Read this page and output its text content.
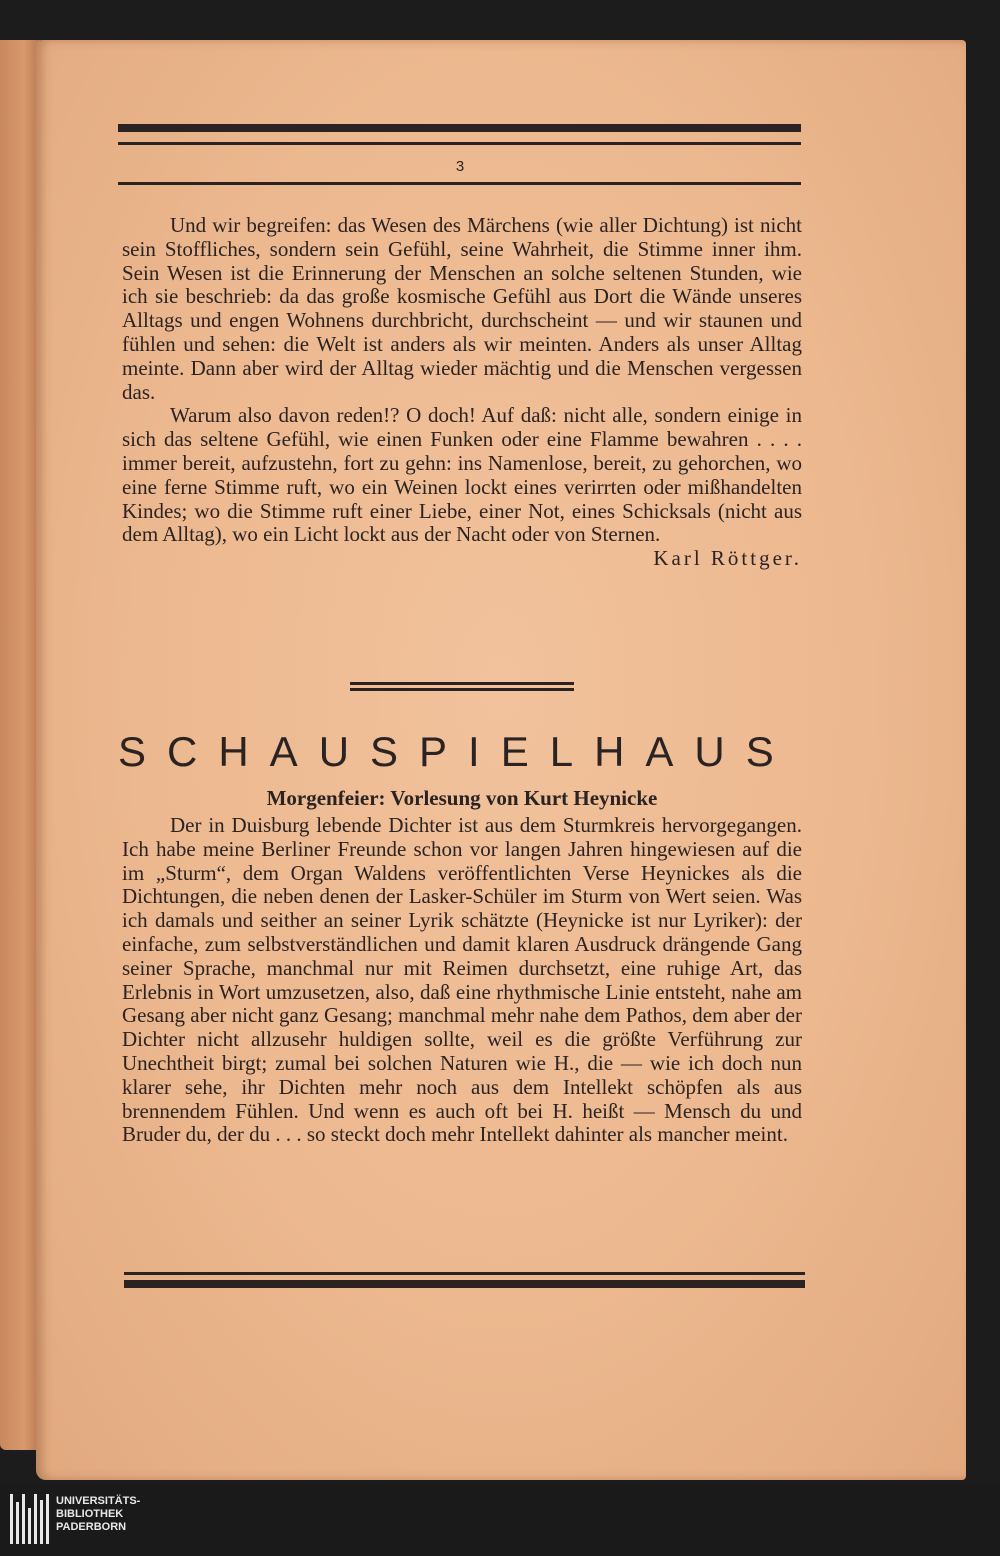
3

Und wir begreifen: das Wesen des Märchens (wie aller Dichtung) ist nicht sein Stoffliches, sondern sein Gefühl, seine Wahrheit, die Stimme inner ihm. Sein Wesen ist die Erinnerung der Menschen an solche seltenen Stunden, wie ich sie beschrieb: da das große kosmische Gefühl aus Dort die Wände unseres Alltags und engen Wohnens durchbricht, durchscheint — und wir staunen und fühlen und sehen: die Welt ist anders als wir meinten. Anders als unser Alltag meinte. Dann aber wird der Alltag wieder mächtig und die Menschen vergessen das.

Warum also davon reden!? O doch! Auf daß: nicht alle, sondern einige in sich das seltene Gefühl, wie einen Funken oder eine Flamme bewahren . . . . immer bereit, aufzustehn, fort zu gehn: ins Namenlose, bereit, zu gehorchen, wo eine ferne Stimme ruft, wo ein Weinen lockt eines verirrten oder mißhandelten Kindes; wo die Stimme ruft einer Liebe, einer Not, eines Schicksals (nicht aus dem Alltag), wo ein Licht lockt aus der Nacht oder von Sternen.

Karl Röttger.
SCHAUSPIELHAUS
Morgenfeier: Vorlesung von Kurt Heynicke

Der in Duisburg lebende Dichter ist aus dem Sturmkreis hervorgegangen. Ich habe meine Berliner Freunde schon vor langen Jahren hingewiesen auf die im „Sturm“, dem Organ Waldens veröffentlichten Verse Heynickes als die Dichtungen, die neben denen der Lasker-Schüler im Sturm von Wert seien. Was ich damals und seither an seiner Lyrik schätzte (Heynicke ist nur Lyriker): der einfache, zum selbstverständlichen und damit klaren Ausdruck drängende Gang seiner Sprache, manchmal nur mit Reimen durchsetzt, eine ruhige Art, das Erlebnis in Wort umzusetzen, also, daß eine rhythmische Linie entsteht, nahe am Gesang aber nicht ganz Gesang; manchmal mehr nahe dem Pathos, dem aber der Dichter nicht allzusehr huldigen sollte, weil es die größte Verführung zur Unechtheit birgt; zumal bei solchen Naturen wie H., die — wie ich doch nun klarer sehe, ihr Dichten mehr noch aus dem Intellekt schöpfen als aus brennendem Fühlen. Und wenn es auch oft bei H. heißt — Mensch du und Bruder du, der du . . . so steckt doch mehr Intellekt dahinter als mancher meint.

UNIVERSITÄTS-
BIBLIOTHEK
PADERBORN
